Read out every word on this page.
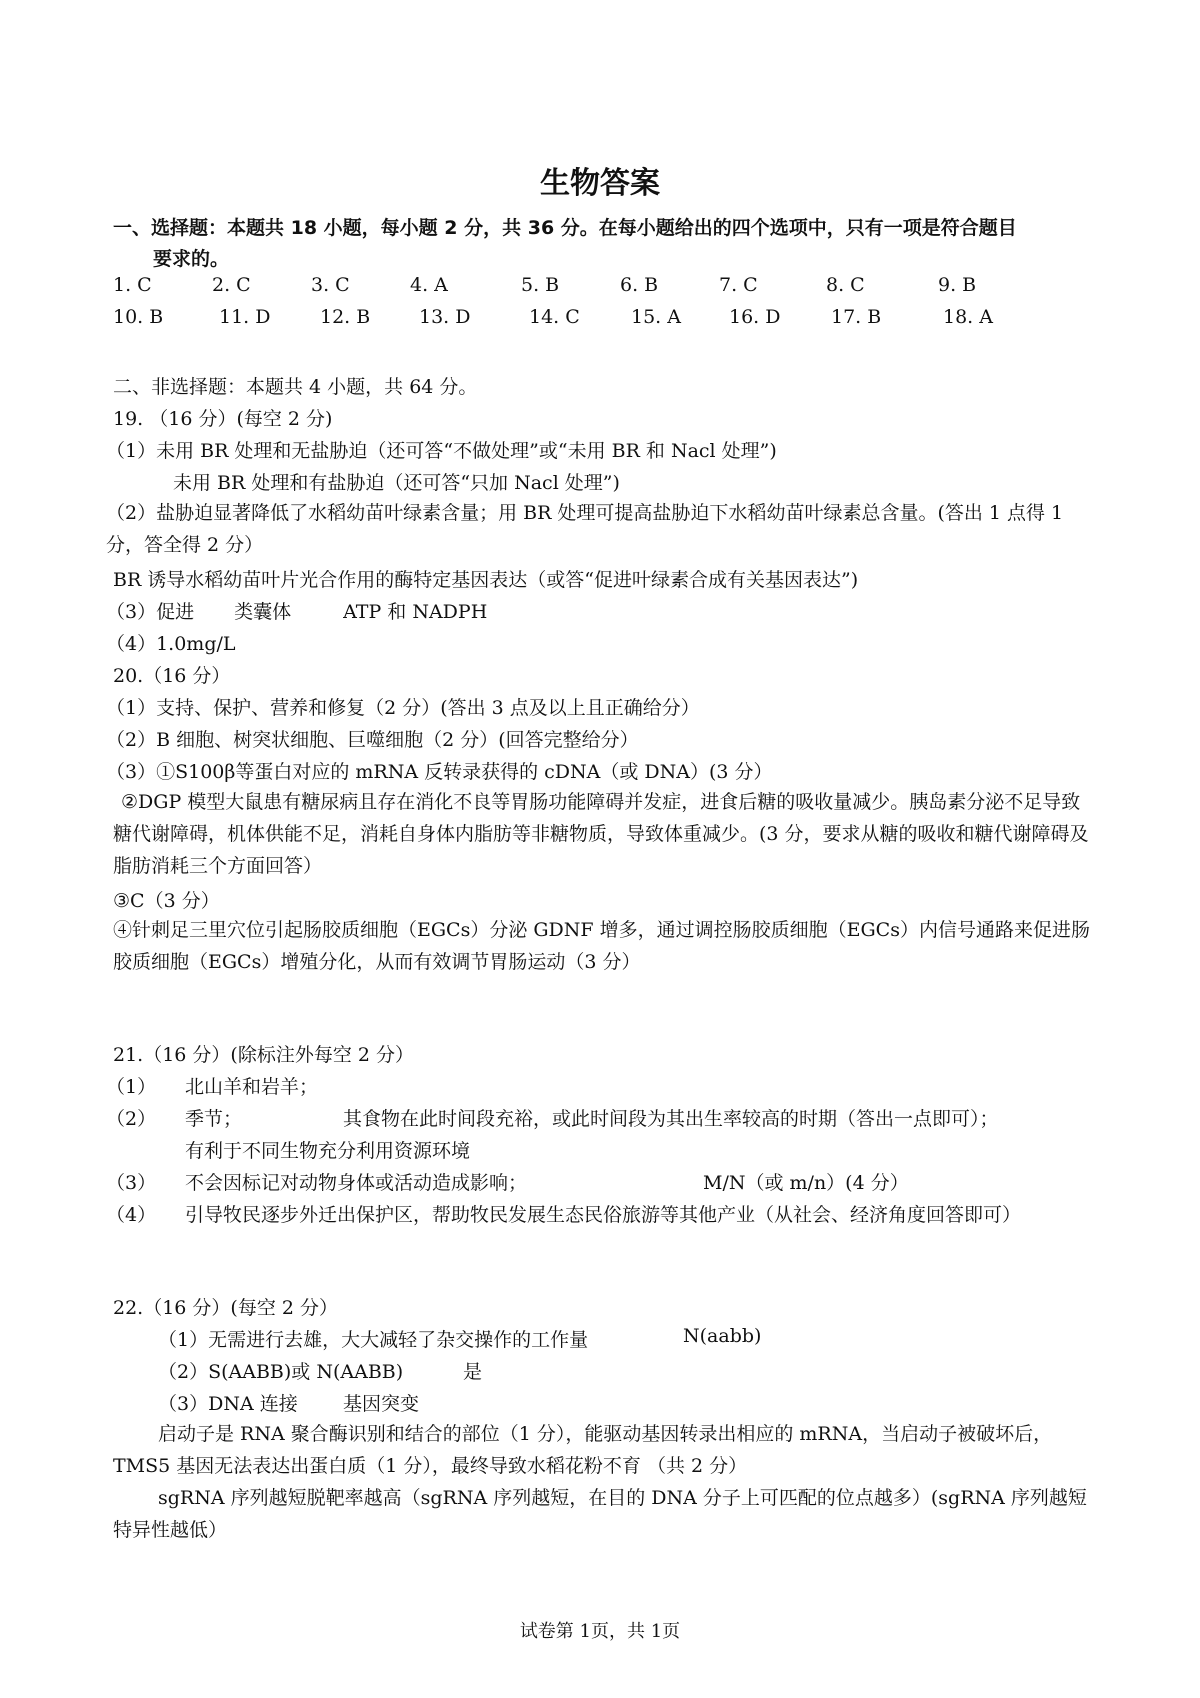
生物答案
一、选择题：本题共 18 小题，每小题 2 分，共 36 分。在每小题给出的四个选项中，只有一项是符合题目
要求的。
1. C	2. C	3. C	4. A	5. B	6. B	7. C	8. C	9. B
10. B	11. D	12. B	13. D	14. C	15. A	16. D	17. B	18. A
二、非选择题：本题共 4 小题，共 64 分。
19. （16 分）(每空 2 分)
（1）未用 BR 处理和无盐胁迫（还可答“不做处理”或“未用 BR 和 Nacl 处理”)
未用 BR 处理和有盐胁迫（还可答“只加 Nacl 处理”)
（2）盐胁迫显著降低了水稻幼苗叶绿素含量；用 BR 处理可提高盐胁迫下水稻幼苗叶绿素总含量。(答出 1 点得 1 分，答全得 2 分）
BR 诱导水稻幼苗叶片光合作用的酶特定基因表达（或答“促进叶绿素合成有关基因表达”)
（3）促进 类囊体	ATP 和 NADPH
（4）1.0mg/L
20.（16 分）
（1）支持、保护、营养和修复（2 分）(答出 3 点及以上且正确给分）
（2）B 细胞、树突状细胞、巨噬细胞（2 分）(回答完整给分）
（3）①S100β等蛋白对应的 mRNA 反转录获得的 cDNA（或 DNA）(3 分）
②DGP 模型大鼠患有糖尿病且存在消化不良等胃肠功能障碍并发症，进食后糖的吸收量减少。胰岛素分泌不足导致糖代谢障碍，机体供能不足，消耗自身体内脂肪等非糖物质，导致体重减少。(3 分，要求从糖的吸收和糖代谢障碍及脂肪消耗三个方面回答）
③C（3 分）
④针刺足三里穴位引起肠胶质细胞（EGCs）分泌 GDNF 增多，通过调控肠胶质细胞（EGCs）内信号通路来促进肠胶质细胞（EGCs）增殖分化，从而有效调节胃肠运动（3 分）
21.（16 分）(除标注外每空 2 分）
（1） 北山羊和岩羊；
（2） 季节；	其食物在此时间段充裕，或此时间段为其出生率较高的时期（答出一点即可）；
有利于不同生物充分利用资源环境
（3） 不会因标记对动物身体或活动造成影响；	M/N（或 m/n）(4 分）
（4） 引导牧民逐步外迁出保护区，帮助牧民发展生态民俗旅游等其他产业（从社会、经济角度回答即可）
22.（16 分）(每空 2 分）
（1）无需进行去雄，大大减轻了杂交操作的工作量	N(aabb)
（2）S(AABB)或 N(AABB)	是
（3）DNA 连接 基因突变
启动子是 RNA 聚合酶识别和结合的部位（1 分），能驱动基因转录出相应的 mRNA，当启动子被破坏后，TMS5 基因无法表达出蛋白质（1 分），最终导致水稻花粉不育 （共 2 分）
sgRNA 序列越短脱靶率越高（sgRNA 序列越短，在目的 DNA 分子上可匹配的位点越多）(sgRNA 序列越短特异性越低）
试卷第 1页，共 1页
